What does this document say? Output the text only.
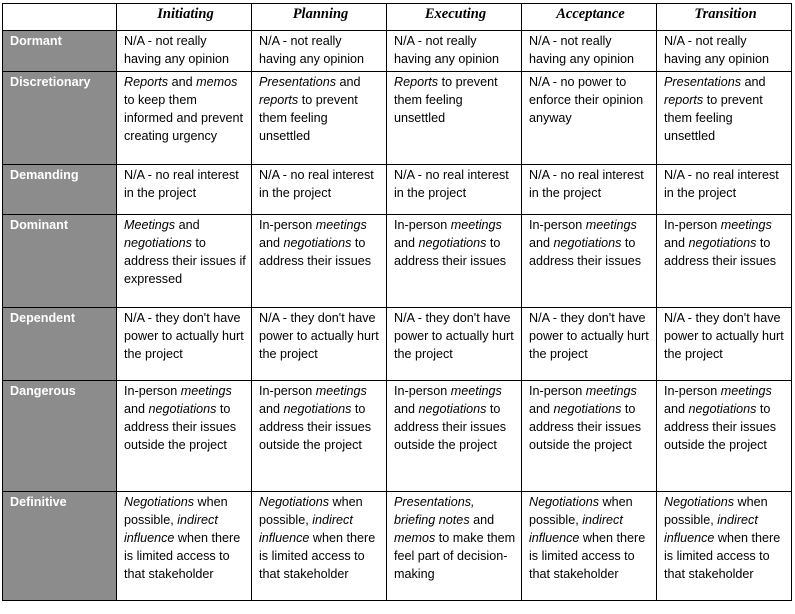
	Initiating	Planning	Executing	Acceptance	Transition
Dormant	N/A - not really having any opinion	N/A - not really having any opinion	N/A - not really having any opinion	N/A - not really having any opinion	N/A - not really having any opinion
Discretionary	Reports and memos to keep them informed and prevent creating urgency	Presentations and reports to prevent them feeling unsettled	Reports to prevent them feeling unsettled	N/A - no power to enforce their opinion anyway	Presentations and reports to prevent them feeling unsettled
Demanding	N/A - no real interest in the project	N/A - no real interest in the project	N/A - no real interest in the project	N/A - no real interest in the project	N/A - no real interest in the project
Dominant	Meetings and negotiations to address their issues if expressed	In-person meetings and negotiations to address their issues	In-person meetings and negotiations to address their issues	In-person meetings and negotiations to address their issues	In-person meetings and negotiations to address their issues
Dependent	N/A - they don't have power to actually hurt the project	N/A - they don't have power to actually hurt the project	N/A - they don't have power to actually hurt the project	N/A - they don't have power to actually hurt the project	N/A - they don't have power to actually hurt the project
Dangerous	In-person meetings and negotiations to address their issues outside the project	In-person meetings and negotiations to address their issues outside the project	In-person meetings and negotiations to address their issues outside the project	In-person meetings and negotiations to address their issues outside the project	In-person meetings and negotiations to address their issues outside the project
Definitive	Negotiations when possible, indirect influence when there is limited access to that stakeholder	Negotiations when possible, indirect influence when there is limited access to that stakeholder	Presentations, briefing notes and memos to make them feel part of decision-making	Negotiations when possible, indirect influence when there is limited access to that stakeholder	Negotiations when possible, indirect influence when there is limited access to that stakeholder
